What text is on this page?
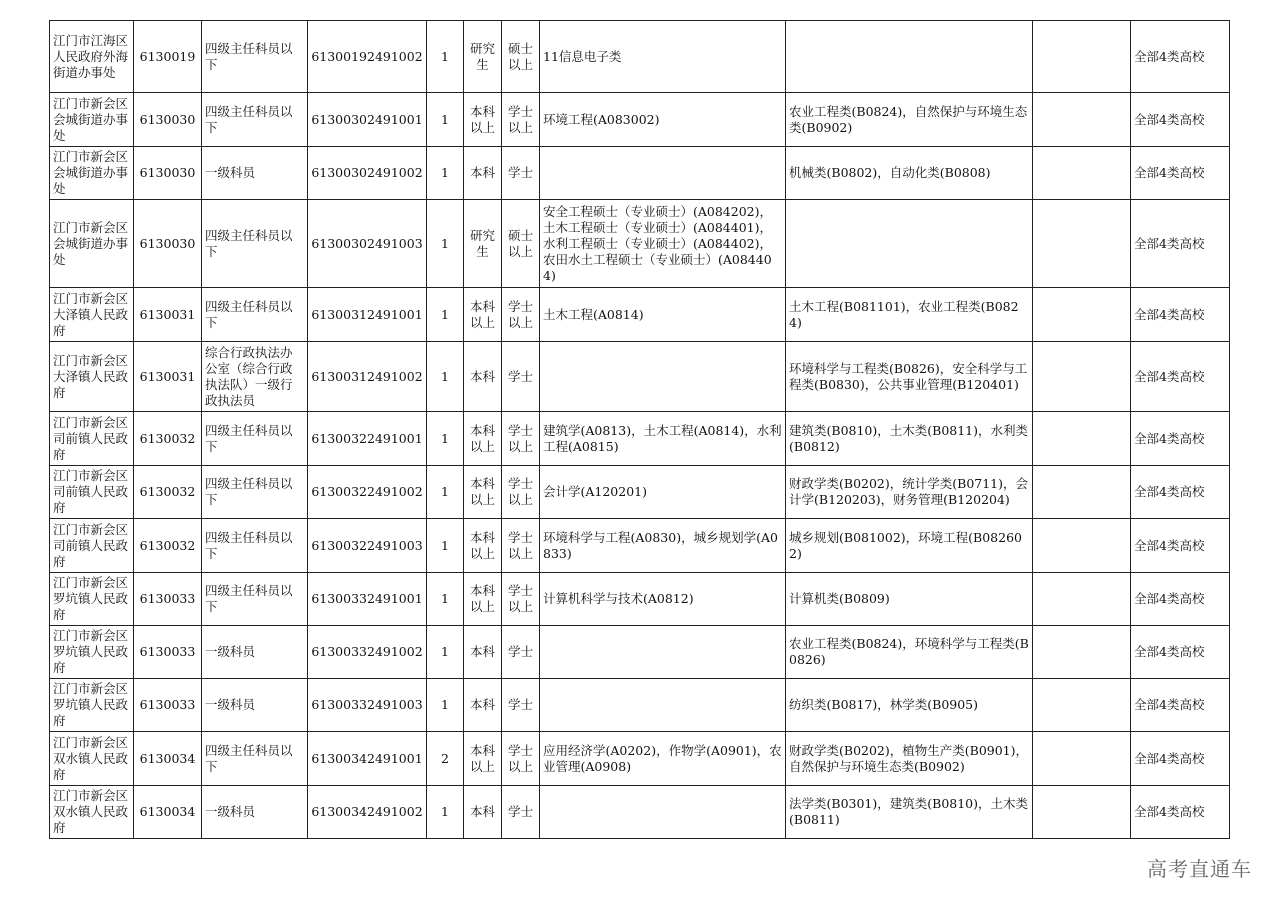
江门市江海区人民政府外海街道办事处	6130019	四级主任科员以下	61300192491002	1	研究生	硕士以上	11信息电子类			全部4类高校
江门市新会区会城街道办事处	6130030	四级主任科员以下	61300302491001	1	本科以上	学士以上	环境工程(A083002)	农业工程类(B0824)，自然保护与环境生态类(B0902)		全部4类高校
江门市新会区会城街道办事处	6130030	一级科员	61300302491002	1	本科	学士		机械类(B0802)，自动化类(B0808)		全部4类高校
江门市新会区会城街道办事处	6130030	四级主任科员以下	61300302491003	1	研究生	硕士以上	安全工程硕士（专业硕士）(A084202)，土木工程硕士（专业硕士）(A084401)，水利工程硕士（专业硕士）(A084402)，农田水土工程硕士（专业硕士）(A084404)			全部4类高校
江门市新会区大泽镇人民政府	6130031	四级主任科员以下	61300312491001	1	本科以上	学士以上	土木工程(A0814)	土木工程(B081101)，农业工程类(B0824)		全部4类高校
江门市新会区大泽镇人民政府	6130031	综合行政执法办公室（综合行政执法队）一级行政执法员	61300312491002	1	本科	学士		环境科学与工程类(B0826)，安全科学与工程类(B0830)，公共事业管理(B120401)		全部4类高校
江门市新会区司前镇人民政府	6130032	四级主任科员以下	61300322491001	1	本科以上	学士以上	建筑学(A0813)，土木工程(A0814)，水利工程(A0815)	建筑类(B0810)，土木类(B0811)，水利类(B0812)		全部4类高校
江门市新会区司前镇人民政府	6130032	四级主任科员以下	61300322491002	1	本科以上	学士以上	会计学(A120201)	财政学类(B0202)，统计学类(B0711)，会计学(B120203)，财务管理(B120204)		全部4类高校
江门市新会区司前镇人民政府	6130032	四级主任科员以下	61300322491003	1	本科以上	学士以上	环境科学与工程(A0830)，城乡规划学(A0833)	城乡规划(B081002)，环境工程(B082602)		全部4类高校
江门市新会区罗坑镇人民政府	6130033	四级主任科员以下	61300332491001	1	本科以上	学士以上	计算机科学与技术(A0812)	计算机类(B0809)		全部4类高校
江门市新会区罗坑镇人民政府	6130033	一级科员	61300332491002	1	本科	学士		农业工程类(B0824)，环境科学与工程类(B0826)		全部4类高校
江门市新会区罗坑镇人民政府	6130033	一级科员	61300332491003	1	本科	学士		纺织类(B0817)，林学类(B0905)		全部4类高校
江门市新会区双水镇人民政府	6130034	四级主任科员以下	61300342491001	2	本科以上	学士以上	应用经济学(A0202)，作物学(A0901)，农业管理(A0908)	财政学类(B0202)，植物生产类(B0901)，自然保护与环境生态类(B0902)		全部4类高校
江门市新会区双水镇人民政府	6130034	一级科员	61300342491002	1	本科	学士		法学类(B0301)，建筑类(B0810)，土木类(B0811)		全部4类高校
高考直通车
